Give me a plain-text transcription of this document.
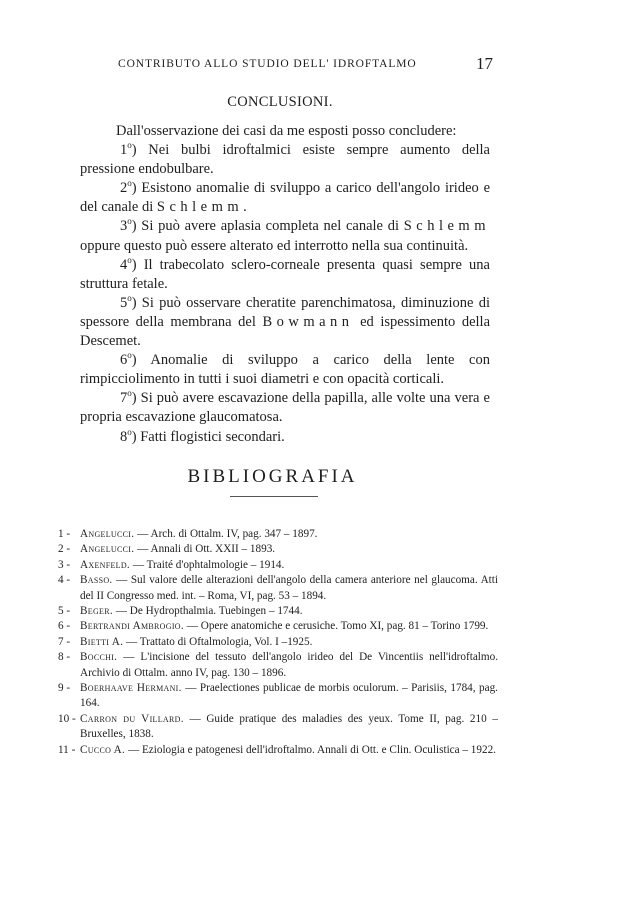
CONTRIBUTO ALLO STUDIO DELL' IDROFTALMO	17
CONCLUSIONI.

Dall'osservazione dei casi da me esposti posso concludere:

1$^o$) Nei bulbi idroftalmici esiste sempre aumento della pressione endobulbare.

2$^o$) Esistono anomalie di sviluppo a carico dell'angolo irideo e del canale di Schlemm.

3$^o$) Si può avere aplasia completa nel canale di Schlemm oppure questo può essere alterato ed interrotto nella sua continuità.

4$^o$) Il trabecolato sclero-corneale presenta quasi sempre una struttura fetale.

5$^o$) Si può osservare cheratite parenchimatosa, diminuzione di spessore della membrana del Bowmann ed ispessimento della Descemet.

6$^o$) Anomalie di sviluppo a carico della lente con rimpicciolimento in tutti i suoi diametri e con opacità corticali.

7$^o$) Si può avere escavazione della papilla, alle volte una vera e propria escavazione glaucomatosa.

8$^o$) Fatti flogistici secondari.

BIBLIOGRAFIA

1 - Angelucci. — Arch. di Ottalm. IV, pag. 347 – 1897.

2 - Angelucci. — Annali di Ott. XXII – 1893.

3 - Axenfeld. — Traité d'ophtalmologie – 1914.

4 - Basso. — Sul valore delle alterazioni dell'angolo della camera anteriore nel glaucoma. Atti del II Congresso med. int. – Roma, VI, pag. 53 – 1894.

5 - Beger. — De Hydropthalmia. Tuebingen – 1744.

6 - Bertrandi Ambrogio. — Opere anatomiche e cerusiche. Tomo XI, pag. 81 – Torino 1799.

7 - Bietti A. — Trattato di Oftalmologia, Vol. I –1925.

8 - Bocchi. — L'incisione del tessuto dell'angolo irideo del De Vincentiis nell'idroftalmo. Archivio di Ottalm. anno IV, pag. 130 – 1896.

9 - Boerhaave Hermani. — Praelectiones publicae de morbis oculorum. – Parisiis, 1784, pag. 164.

10 - Carron du Villard. — Guide pratique des maladies des yeux. Tome II, pag. 210 – Bruxelles, 1838.

11 - Cucco A. — Eziologia e patogenesi dell'idroftalmo. Annali di Ott. e Clin. Oculistica – 1922.
